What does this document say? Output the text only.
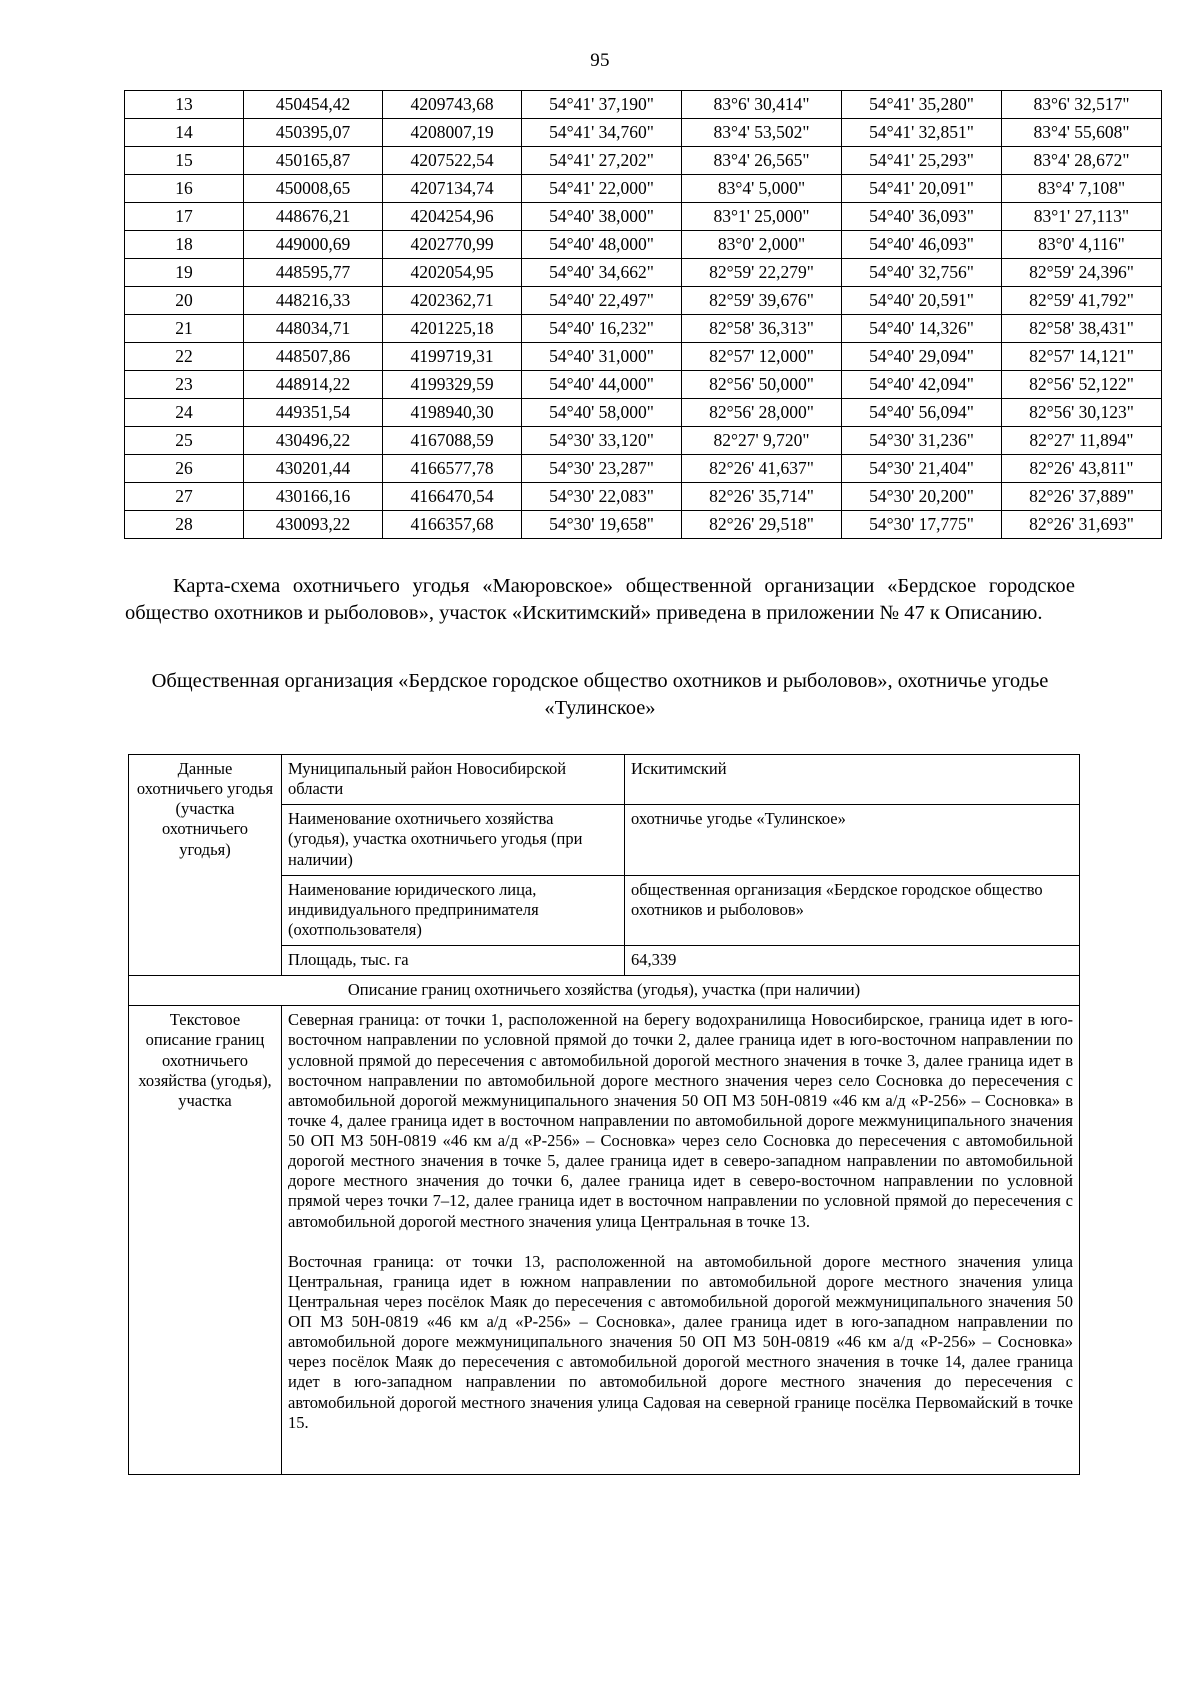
95
13	450454,42	4209743,68	54°41' 37,190"	83°6' 30,414"	54°41' 35,280"	83°6' 32,517"
14	450395,07	4208007,19	54°41' 34,760"	83°4' 53,502"	54°41' 32,851"	83°4' 55,608"
15	450165,87	4207522,54	54°41' 27,202"	83°4' 26,565"	54°41' 25,293"	83°4' 28,672"
16	450008,65	4207134,74	54°41' 22,000"	83°4' 5,000"	54°41' 20,091"	83°4' 7,108"
17	448676,21	4204254,96	54°40' 38,000"	83°1' 25,000"	54°40' 36,093"	83°1' 27,113"
18	449000,69	4202770,99	54°40' 48,000"	83°0' 2,000"	54°40' 46,093"	83°0' 4,116"
19	448595,77	4202054,95	54°40' 34,662"	82°59' 22,279"	54°40' 32,756"	82°59' 24,396"
20	448216,33	4202362,71	54°40' 22,497"	82°59' 39,676"	54°40' 20,591"	82°59' 41,792"
21	448034,71	4201225,18	54°40' 16,232"	82°58' 36,313"	54°40' 14,326"	82°58' 38,431"
22	448507,86	4199719,31	54°40' 31,000"	82°57' 12,000"	54°40' 29,094"	82°57' 14,121"
23	448914,22	4199329,59	54°40' 44,000"	82°56' 50,000"	54°40' 42,094"	82°56' 52,122"
24	449351,54	4198940,30	54°40' 58,000"	82°56' 28,000"	54°40' 56,094"	82°56' 30,123"
25	430496,22	4167088,59	54°30' 33,120"	82°27' 9,720"	54°30' 31,236"	82°27' 11,894"
26	430201,44	4166577,78	54°30' 23,287"	82°26' 41,637"	54°30' 21,404"	82°26' 43,811"
27	430166,16	4166470,54	54°30' 22,083"	82°26' 35,714"	54°30' 20,200"	82°26' 37,889"
28	430093,22	4166357,68	54°30' 19,658"	82°26' 29,518"	54°30' 17,775"	82°26' 31,693"
Карта-схема охотничьего угодья «Маюровское» общественной организации «Бердское городское общество охотников и рыболовов», участок «Искитимский» приведена в приложении № 47 к Описанию.
Общественная организация «Бердское городское общество охотников и рыболовов», охотничье угодье «Тулинское»
Данные охотничьего угодья (участка охотничьего угодья)	Муниципальный район Новосибирской области	Искитимский
	Наименование охотничьего хозяйства (угодья), участка охотничьего угодья (при наличии)	охотничье угодье «Тулинское»
	Наименование юридического лица, индивидуального предпринимателя (охотпользователя)	общественная организация «Бердское городское общество охотников и рыболовов»
	Площадь, тыс. га	64,339
Описание границ охотничьего хозяйства (угодья), участка (при наличии)		
Текстовое описание границ охотничьего хозяйства (угодья), участка	Северная граница: от точки 1, расположенной на берегу водохранилища Новосибирское, граница идет в юго-восточном направлении по условной прямой до точки 2, далее граница идет в юго-восточном направлении по условной прямой до пересечения с автомобильной дорогой местного значения в точке 3, далее граница идет в восточном направлении по автомобильной дороге местного значения через село Сосновка до пересечения с автомобильной дорогой межмуниципального значения 50 ОП МЗ 50Н-0819 «46 км а/д «Р-256» – Сосновка» в точке 4, далее граница идет в восточном направлении по автомобильной дороге межмуниципального значения 50 ОП МЗ 50Н-0819 «46 км а/д «Р-256» – Сосновка» через село Сосновка до пересечения с автомобильной дорогой местного значения в точке 5, далее граница идет в северо-западном направлении по автомобильной дороге местного значения до точки 6, далее граница идет в северо-восточном направлении по условной прямой через точки 7–12, далее граница идет в восточном направлении по условной прямой до пересечения с автомобильной дорогой местного значения улица Центральная в точке 13.

Восточная граница: от точки 13, расположенной на автомобильной дороге местного значения улица Центральная, граница идет в южном направлении по автомобильной дороге местного значения улица Центральная через посёлок Маяк до пересечения с автомобильной дорогой межмуниципального значения 50 ОП МЗ 50Н-0819 «46 км а/д «Р-256» – Сосновка», далее граница идет в юго-западном направлении по автомобильной дороге межмуниципального значения 50 ОП МЗ 50Н-0819 «46 км а/д «Р-256» – Сосновка» через посёлок Маяк до пересечения с автомобильной дорогой местного значения в точке 14, далее граница идет в юго-западном направлении по автомобильной дороге местного значения до пересечения с автомобильной дорогой местного значения улица Садовая на северной границе посёлка Первомайский в точке 15.	
